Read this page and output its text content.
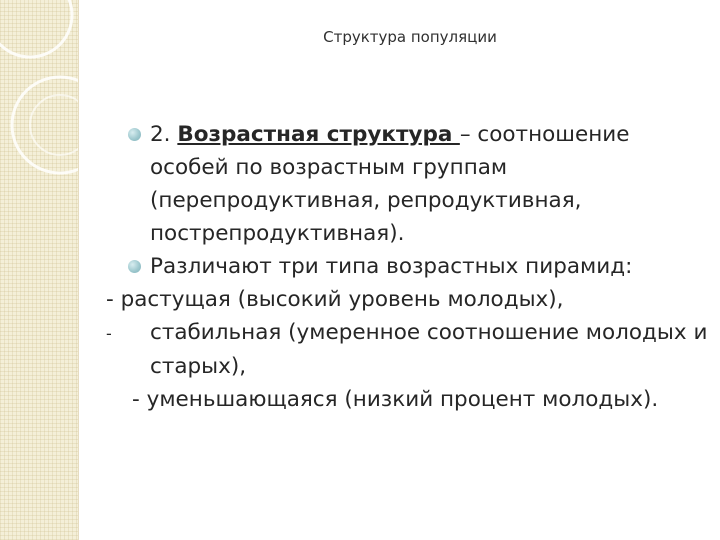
Структура популяции

2. Возрастная структура – соотношение особей по возрастным группам (перепродуктивная, репродуктивная, пострепродуктивная).

Различают три типа возрастных пирамид:

- растущая (высокий уровень молодых),

-стабильная (умеренное соотношение молодых и старых),

- уменьшающаяся (низкий процент молодых).
